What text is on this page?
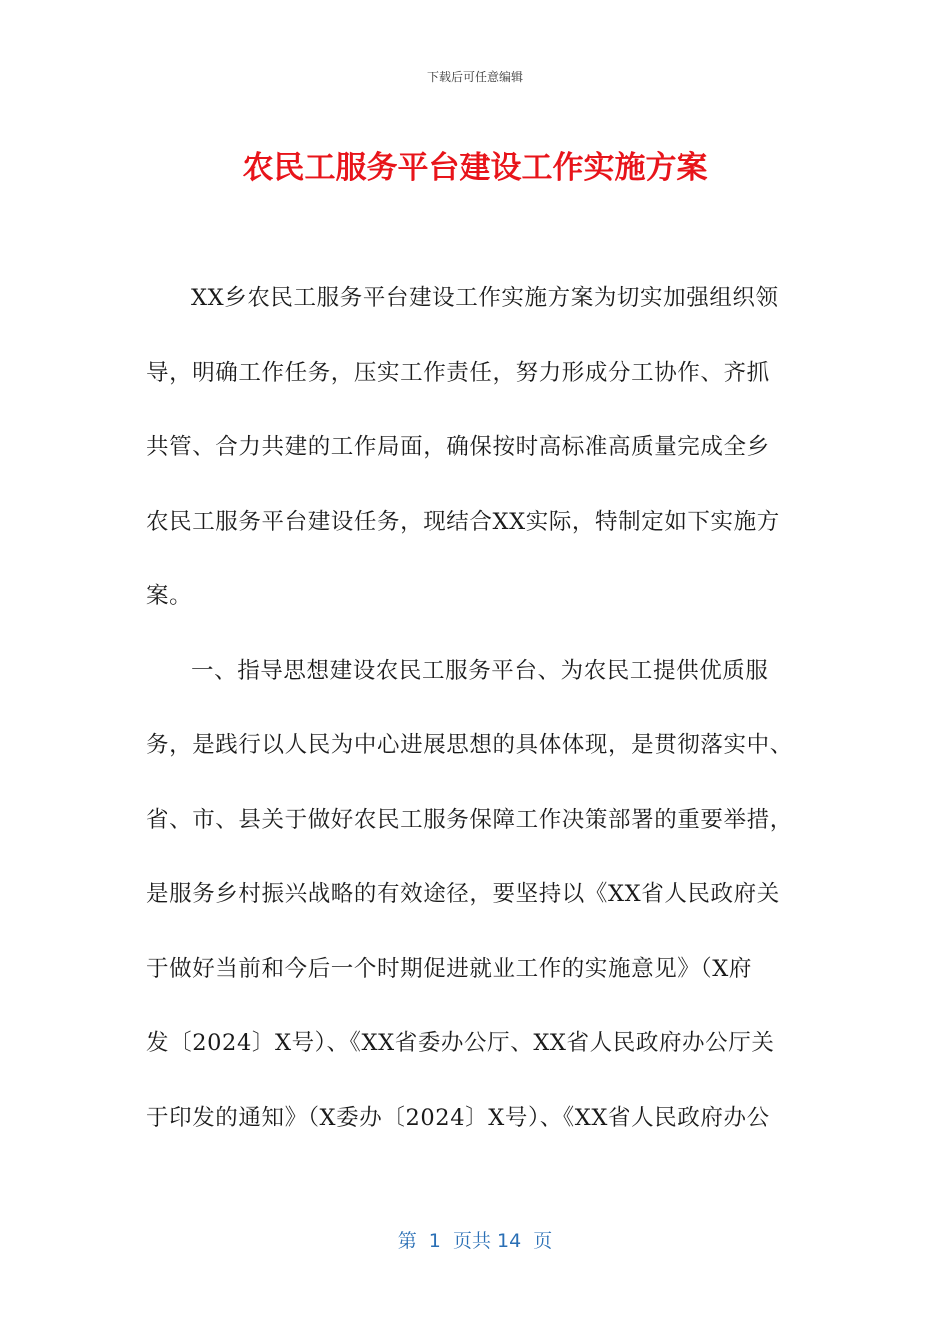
下载后可任意编辑
农民工服务平台建设工作实施方案
XX乡农民工服务平台建设工作实施方案为切实加强组织领
导，明确工作任务，压实工作责任，努力形成分工协作、齐抓
共管、合力共建的工作局面，确保按时高标准高质量完成全乡
农民工服务平台建设任务，现结合XX实际，特制定如下实施方
案。
一、指导思想建设农民工服务平台、为农民工提供优质服
务，是践行以人民为中心进展思想的具体体现，是贯彻落实中、
省、市、县关于做好农民工服务保障工作决策部署的重要举措，
是服务乡村振兴战略的有效途径，要坚持以《XX省人民政府关
于做好当前和今后一个时期促进就业工作的实施意见》（X府
发〔2024〕X号）、《XX省委办公厅、XX省人民政府办公厅关
于印发的通知》（X委办〔2024〕X号）、《XX省人民政府办公
第  1  页共 14  页
